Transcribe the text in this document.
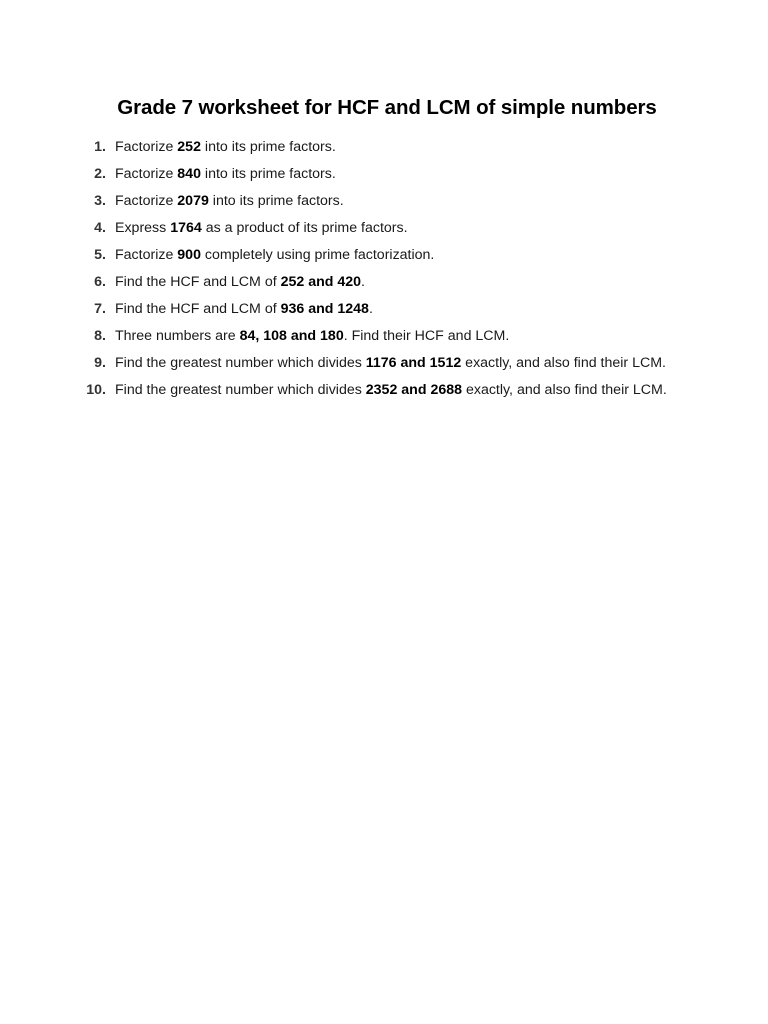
Grade 7 worksheet for HCF and LCM of simple numbers
1. Factorize 252 into its prime factors.
2. Factorize 840 into its prime factors.
3. Factorize 2079 into its prime factors.
4. Express 1764 as a product of its prime factors.
5. Factorize 900 completely using prime factorization.
6. Find the HCF and LCM of 252 and 420.
7. Find the HCF and LCM of 936 and 1248.
8. Three numbers are 84, 108 and 180. Find their HCF and LCM.
9. Find the greatest number which divides 1176 and 1512 exactly, and also find their LCM.
10. Find the greatest number which divides 2352 and 2688 exactly, and also find their LCM.
